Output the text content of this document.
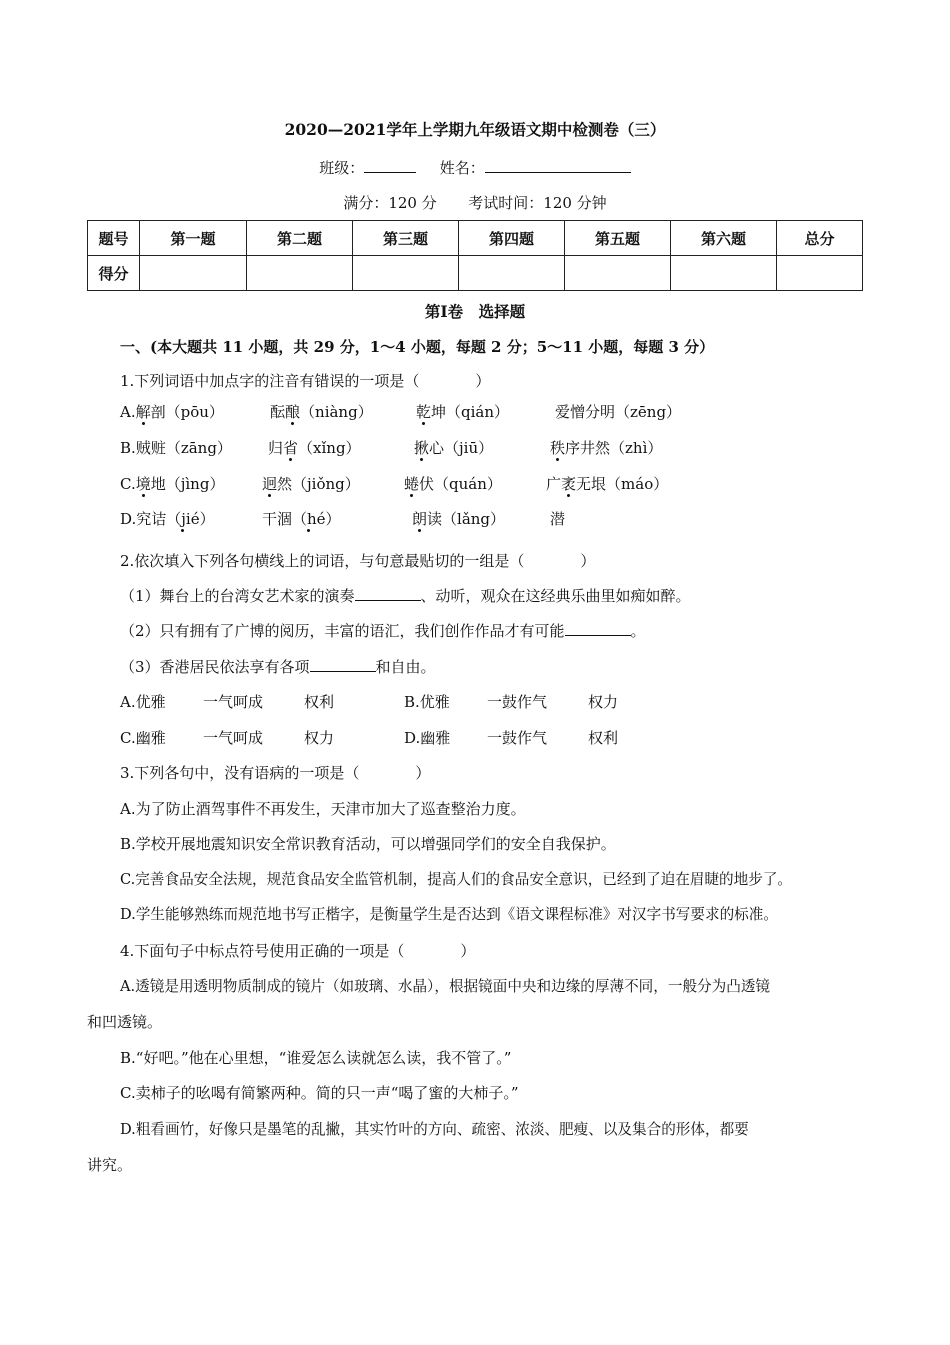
2020—2021学年上学期九年级语文期中检测卷（三）
班级：	姓名：
满分：120 分 考试时间：120 分钟
题号	第一题	第二题	第三题	第四题	第五题	第六题	总分
得分							
第Ⅰ卷　选择题
一、(本大题共 11 小题，共 29 分，1～4 小题，每题 2 分；5～11 小题，每题 3 分）
1.下列词语中加点字的注音有错误的一项是（	）
A.解剖（pōu）	酝酿（niàng）	乾坤（qián）	爱憎分明（zēng）
B.贼赃（zāng） 归省（xǐng）	揪心（jiū）	秩序井然（zhì）
C.境地（jìng）	迥然（jiǒng）	蜷伏（quán）	广袤无垠（máo）
D.究诘（jié）	干涸（hé）	朗读（lǎng）	潜
2.依次填入下列各句横线上的词语，与句意最贴切的一组是（	）
（1）舞台上的台湾女艺术家的演奏	、动听，观众在这经典乐曲里如痴如醉。
（2）只有拥有了广博的阅历，丰富的语汇，我们创作作品才有可能	。
（3）香港居民依法享有各项	和自由。
A.优雅 一气呵成	权利	B.优雅 一鼓作气	权力
C.幽雅 一气呵成	权力	D.幽雅 一鼓作气	权利
3.下列各句中，没有语病的一项是（	）
A.为了防止酒驾事件不再发生，天津市加大了巡查整治力度。
B.学校开展地震知识安全常识教育活动，可以增强同学们的安全自我保护。
C.完善食品安全法规，规范食品安全监管机制，提高人们的食品安全意识，已经到了迫在眉睫的地步了。
D.学生能够熟练而规范地书写正楷字，是衡量学生是否达到《语文课程标准》对汉字书写要求的标准。
4.下面句子中标点符号使用正确的一项是（	）
A.透镜是用透明物质制成的镜片（如玻璃、水晶），根据镜面中央和边缘的厚薄不同，一般分为凸透镜
和凹透镜。
B.“好吧。”他在心里想，“谁爱怎么读就怎么读，我不管了。”
C.卖柿子的吆喝有简繁两种。简的只一声“喝了蜜的大柿子。”
D.粗看画竹，好像只是墨笔的乱撇，其实竹叶的方向、疏密、浓淡、肥瘦、以及集合的形体，都要
讲究。
